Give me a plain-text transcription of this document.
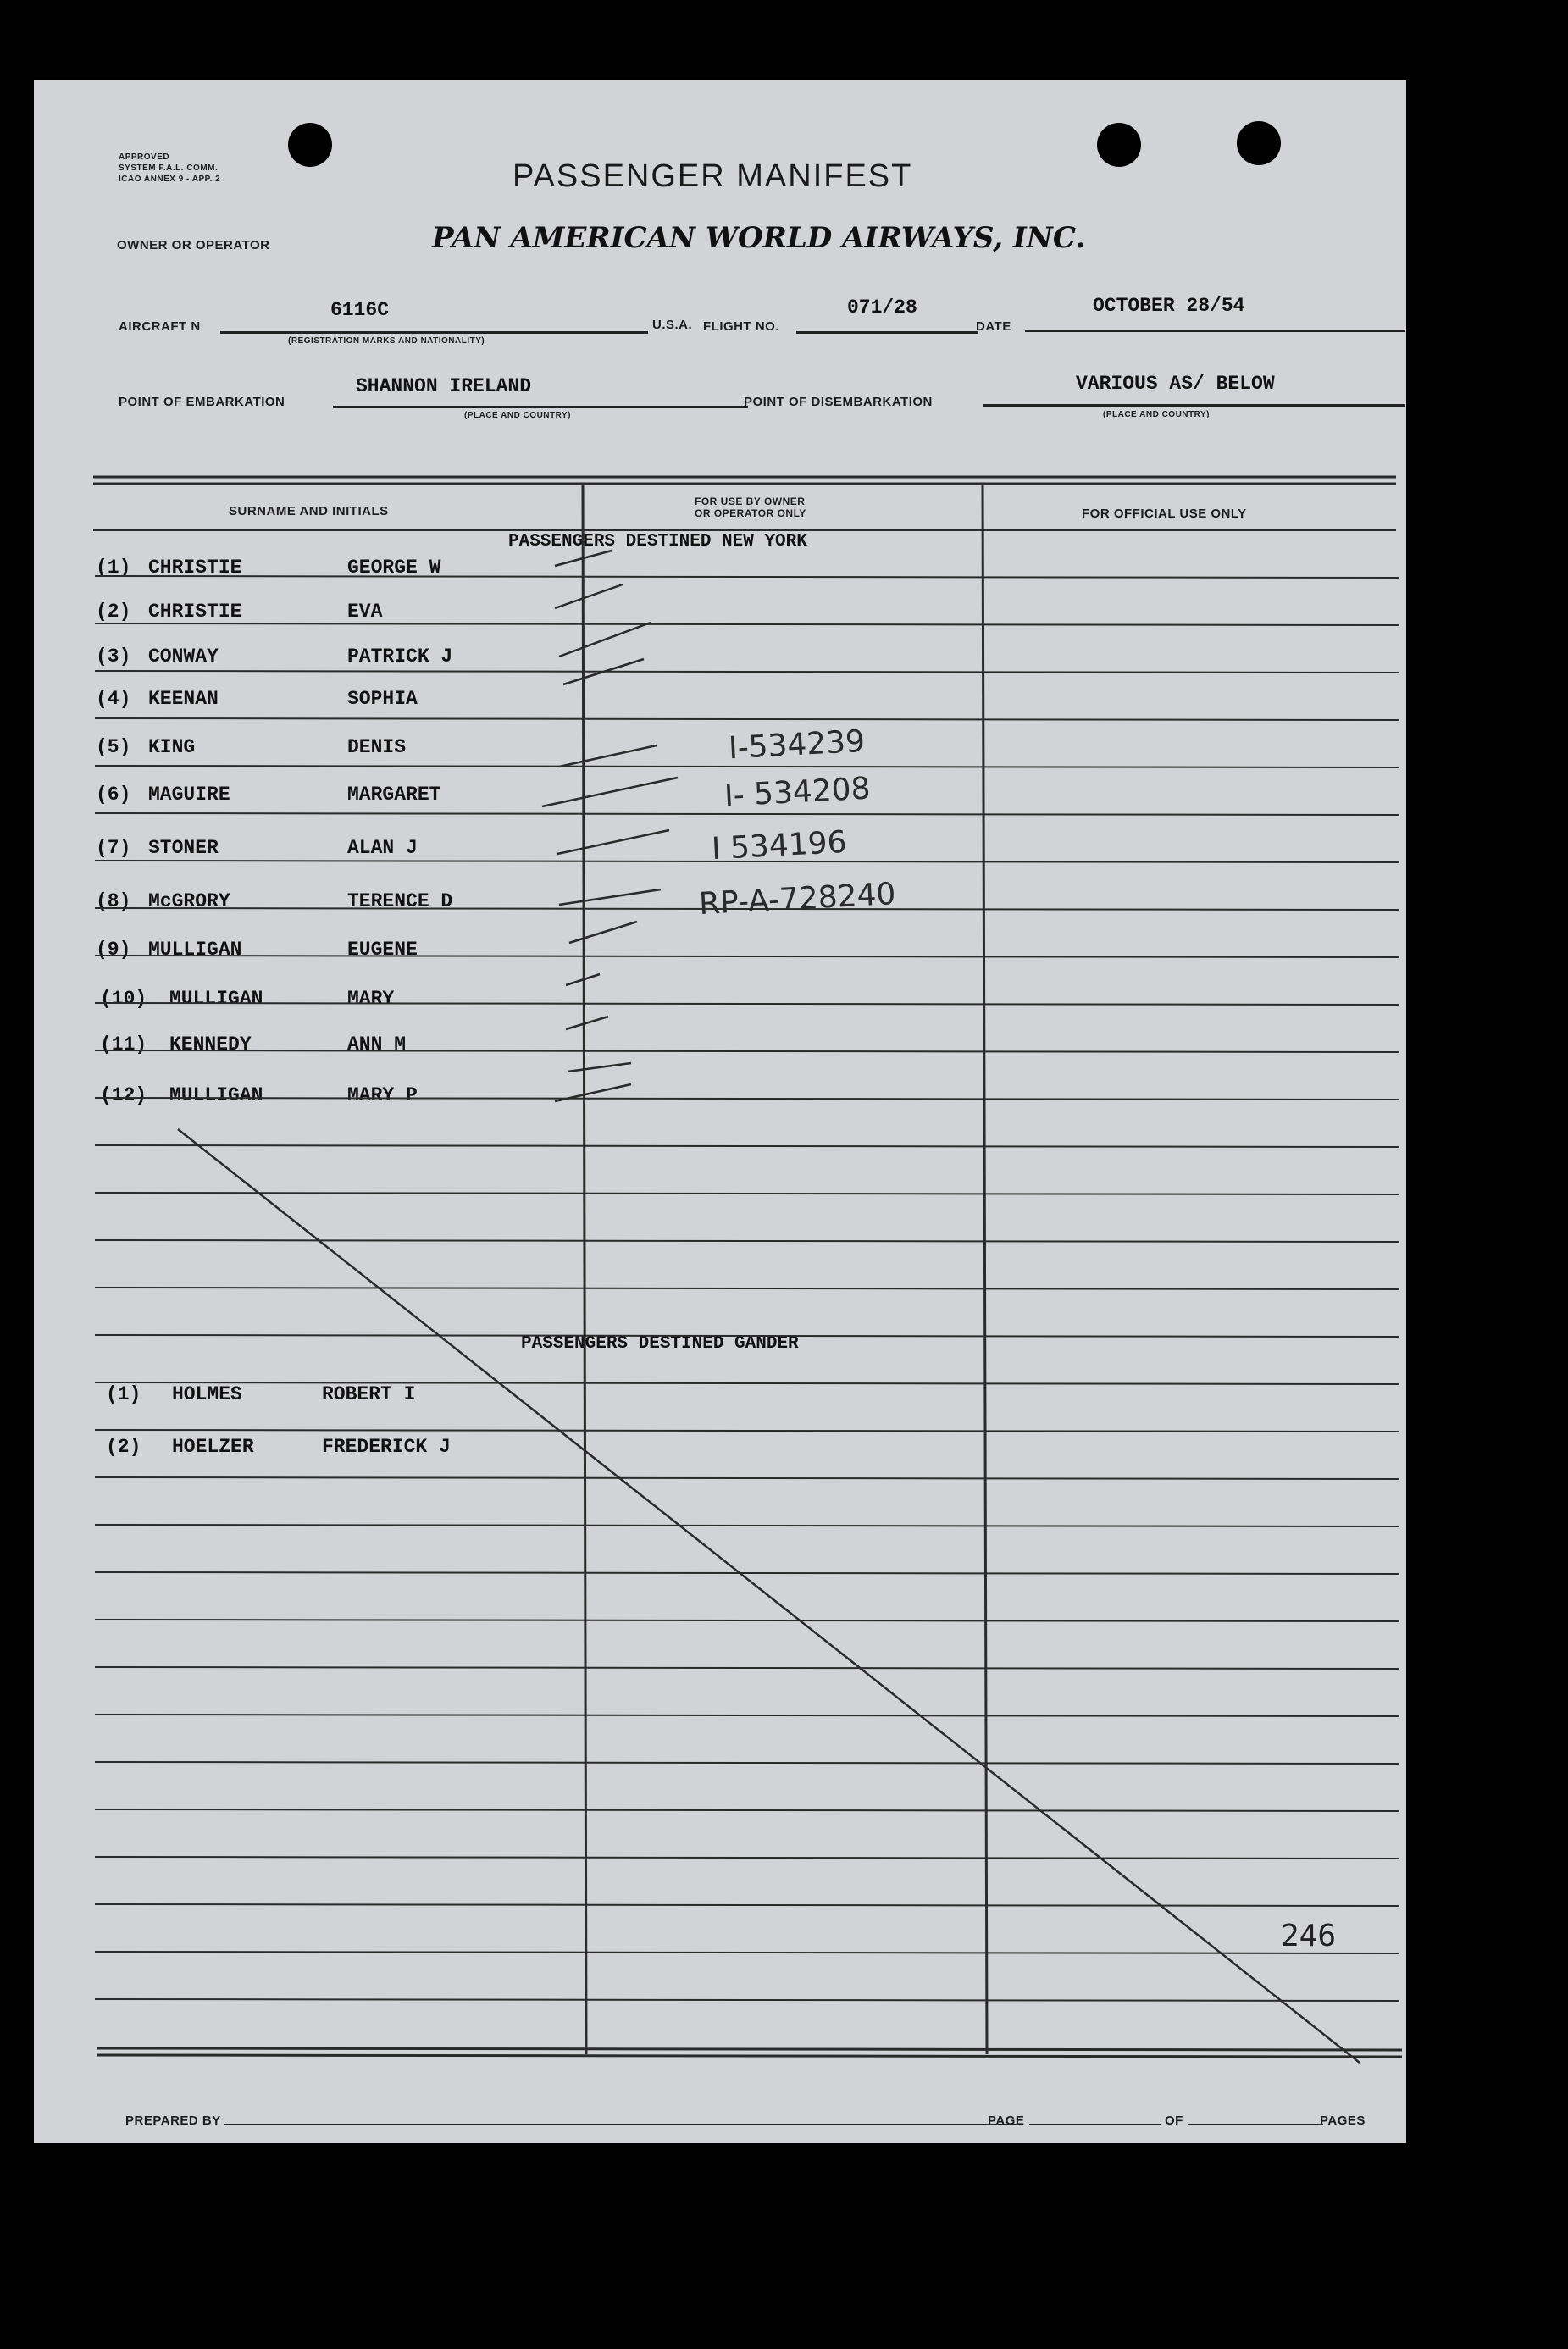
APPROVED
SYSTEM F.A.L. COMM.
ICAO ANNEX 9 - APP. 2	PASSENGER MANIFEST
OWNER OR OPERATOR	PAN AMERICAN WORLD AIRWAYS, INC.
AIRCRAFT N
6116C
(REGISTRATION MARKS AND NATIONALITY)
U.S.A. FLIGHT NO.
071/28
DATE
OCTOBER 28/54
POINT OF EMBARKATION
SHANNON IRELAND
(PLACE AND COUNTRY)
POINT OF DISEMBARKATION
VARIOUS AS/ BELOW
(PLACE AND COUNTRY)
SURNAME AND INITIALS
FOR USE BY OWNER
OR OPERATOR ONLY	FOR OFFICIAL USE ONLY
PASSENGERS DESTINED NEW YORK
(1) CHRISTIE	GEORGE W
(2) CHRISTIE	EVA
(3) CONWAY	PATRICK J
(4) KEENAN	SOPHIA
(5) KING	DENIS	I-534239
(6) MAGUIRE	MARGARET	I- 534208
(7) STONER	ALAN J	I 534196
(8) McGRORY	TERENCE D	RP-A-728240
(9) MULLIGAN	EUGENE
(10) MULLIGAN	MARY
(11) KENNEDY	ANN M
(12) MULLIGAN	MARY P
PASSENGERS DESTINED GANDER
(1) HOLMES	ROBERT I
(2) HOELZER	FREDERICK J
246
PREPARED BY	PAGE	OF	PAGES
